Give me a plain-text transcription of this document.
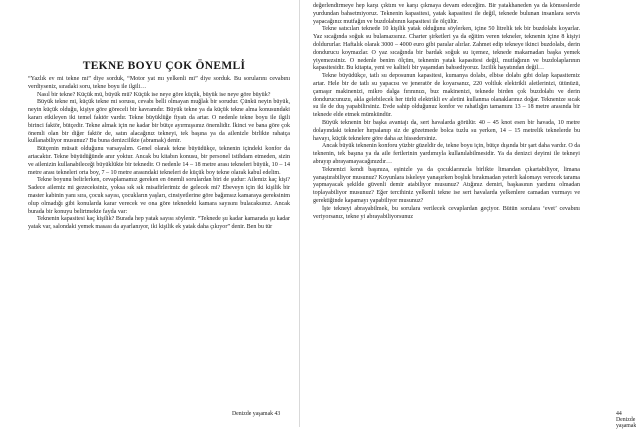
TEKNE BOYU ÇOK ÖNEMLİ

“Yazlık ev mi tekne mi” diye sorduk, “Motor yat mı yelkenli mi” diye sorduk. Bu sorularını cevabını verdiyseniz, sıradaki soru, tekne boyu ile ilgili…

Nasıl bir tekne? Küçük mü, büyük mü? Küçük ise neye göre küçük, büyük ise neye göre büyük?

Büyük tekne mi, küçük tekne mi sorusu, cevabı belli olmayan muğlak bir sorudur. Çünkü neyin büyük, neyin küçük olduğu, kişiye göre göreceli bir kavramdır. Büyük tekne ya da küçük tekne alma konusundaki kararı etkileyen iki temel faktör vardır. Tekne büyüklüğe fiyatı da artar. O nedenle tekne boyu ile ilgili birinci faktör, bütçedir. Tekne almak için ne kadar bir bütçe ayırmışsınız önemlidir. İkinci ve bana göre çok önemli olan bir diğer faktör de, satın alacağınız tekneyi, tek başına ya da ailenizle birlikte rahatça kullanabiliyor musunuz? Bu buna denizcilikte (abramak) denir.

Bütçenin müsait olduğunu varsayalım. Genel olarak tekne büyüdükçe, teknenin içindeki konfor da artacaktır. Tekne büyüdüğünde anır yoktur. Ancak bu kitabın konusu, bir personel istihdam etmeden, sizin ve ailenizin kullanabileceği büyüklükte bir teknedir. O nedenle 14 – 18 metre arası tekneleri büyük, 10 – 14 metre arası tekneleri orta boy, 7 – 10 metre arasındaki tekneleri de küçük boy tekne olarak kabul edelim.

Tekne boyunu belirlerken, cevaplamamız gereken en önemli sorulardan biri de şudur: Ailemiz kaç kişi? Sadece ailemiz mi gezeceksiniz, yoksa sık sık misafirlerimiz de gelecek mi? Ebeveyn için iki kişilik bir master kabinin yanı sıra, çocuk sayısı, çocukların yaşları, cinsiyetlerine göre bağımsız kamaraya gereksinim olup olmadığı gibi konularda karar verecek ve ona göre teknedeki kamara sayısını bulacaksınız. Ancak burada bir konuyu belirtmekte fayda var:

Teknenin kapasitesi kaç kişilik? Burada hep yatak sayısı söylenir. “Teknede şu kadar kamarada şu kadar yatak var, salondaki yemek masası da ayarlanıyor, iki kişilik ek yatak daha çıkıyor” denir. Ben bu tür

Denizde yaşamak 43

değerlendirmeye hep karşı çıktım ve karşı çıkmaya devam edeceğim. Bir yatakhaneden ya da kömseslerde yurdundan bahsetmiyoruz. Teknenin kapasitesi, yatak kapasitesi ile değil, teknede bulunan insanlara servis yapacağınız mutfağın ve buzdolabının kapasitesi ile ölçülür.

Tekne satıcıları teknede 10 kişilik yatak olduğunu söylerken, içine 50 litrelik tek bir buzdolabı koyarlar. Yaz sıcağında soğuk su bulamazsınız. Charter şirketleri ya da eğitim veren tekneler, teknenin içine 8 kişiyi doldururlar. Haftalık olarak 3000 – 4000 euro gibi paralar alırlar. Zahmet edip tekneye ikinci buzdolabı, derin dondurucu koymazlar. O yaz sıcağında bir bardak soğuk su içemez, teknede makarnadan başka yemek yiyemezsiniz. O nedenle benim ölçüm, teknenin yatak kapasitesi değil, mutfağının ve buzdolaplarının kapasitesidir. Bu kitapta, yeni ve kaliteli bir yaşamdan bahsediyoruz. İzcilik hayatından değil…

Tekne büyüdükçe, tatlı su deposunun kapasitesi, kumanya dolabı, elbise dolabı gibi dolap kapasitemiz artar. Hele bir de tatlı su yapacısı ve jeneratör de koyarsanız, 220 voltluk elektrikli aletlerinizi, ütünüzü, çamaşır makinenizi, mikro dalga fırınınızı, buz makinenizi, teknede birden çok buzdolabı ve derin dondurucunuzu, akla gelebilecek her türlü elektrikli ev aletini kullanma olanaklarınız doğar. Teknenize sıcak su ile de duş yapabilirsiniz. Evde sahip olduğunuz konfor ve rahatlığın tamamını 13 – 18 metre arasında bir teknede elde etmek mümkündür.

Büyük teknenin bir başka avantajı da, sert havalarda görülür. 40 – 45 knot esen bir havada, 10 metre dolayındaki tekneler hırpalanıp siz de gözetmede bolca tuzlu su yerken, 14 – 15 metrelik teknelerde bu havayı, küçük teknelere göre daha az hissedersiniz.

Ancak büyük teknenin konforu yüzbir güzeldir de, tekne boyu için, bütçe dışında bir şart daha vardır. O da teknenin, tek başına ya da aile fertlerinin yardımıyla kullanılabilmesidir. Ya da denizci deyimi ile tekneyi abrayıp abrayamayacağınızdır…

Teknenizi kendi başınıza, eşinizle ya da çocuklarınızla birlikte limandan çıkartabiliyor, limana yanaştırabiliyor musunuz? Koyunlara iskeleye yanaşırken boşluk bırakmadan yeterli kalomayı verecek tarama yapmayacak şekilde güvenli demir atabiliyor musunuz? Atığınız demiri, başkasının yardımı olmadan toplayabiliyor musunuz? Eğer tercihiniz yelkenli tekne ise sert havalarda yelkenlere camadan vurmayı ve gerektiğinde kapamayı yapabiliyor musunuz?

İşte tekneyi abrayabilmek, bu sorulara verilecek cevaplardan geçiyor. Bütün sorulara ‘evet’ cevabını veriyorsanız, tekne yi abrayabiliyorsunuz

44 Denizde yaşamak
